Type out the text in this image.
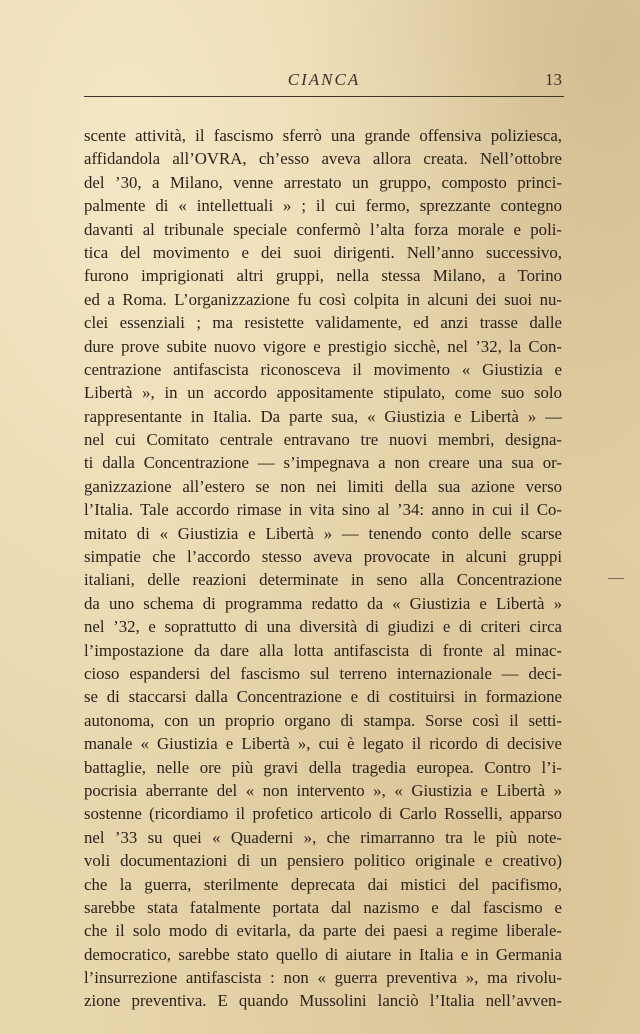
CIANCA	13
scente attività, il fascismo sferrò una grande offensiva poliziesca,
affidandola all’OVRA, ch’esso aveva allora creata. Nell’ottobre
del ’30, a Milano, venne arrestato un gruppo, composto princi-
palmente di « intellettuali » ; il cui fermo, sprezzante contegno
davanti al tribunale speciale confermò l’alta forza morale e poli-
tica del movimento e dei suoi dirigenti. Nell’anno successivo,
furono imprigionati altri gruppi, nella stessa Milano, a Torino
ed a Roma. L’organizzazione fu così colpita in alcuni dei suoi nu-
clei essenziali ; ma resistette validamente, ed anzi trasse dalle
dure prove subite nuovo vigore e prestigio sicchè, nel ’32, la Con-
centrazione antifascista riconosceva il movimento « Giustizia e
Libertà », in un accordo appositamente stipulato, come suo solo
rappresentante in Italia. Da parte sua, « Giustizia e Libertà » —
nel cui Comitato centrale entravano tre nuovi membri, designa-
ti dalla Concentrazione — s’impegnava a non creare una sua or-
ganizzazione all’estero se non nei limiti della sua azione verso
l’Italia. Tale accordo rimase in vita sino al ’34: anno in cui il Co-
mitato di « Giustizia e Libertà » — tenendo conto delle scarse
simpatie che l’accordo stesso aveva provocate in alcuni gruppi
italiani, delle reazioni determinate in seno alla Concentrazione
da uno schema di programma redatto da « Giustizia e Libertà »
nel ’32, e soprattutto di una diversità di giudizi e di criteri circa
l’impostazione da dare alla lotta antifascista di fronte al minac-
cioso espandersi del fascismo sul terreno internazionale — deci-
se di staccarsi dalla Concentrazione e di costituirsi in formazione
autonoma, con un proprio organo di stampa. Sorse così il setti-
manale « Giustizia e Libertà », cui è legato il ricordo di decisive
battaglie, nelle ore più gravi della tragedia europea. Contro l’i-
pocrisia aberrante del « non intervento », « Giustizia e Libertà »
sostenne (ricordiamo il profetico articolo di Carlo Rosselli, apparso
nel ’33 su quei « Quaderni », che rimarranno tra le più note-
voli documentazioni di un pensiero politico originale e creativo)
che la guerra, sterilmente deprecata dai mistici del pacifismo,
sarebbe stata fatalmente portata dal nazismo e dal fascismo e
che il solo modo di evitarla, da parte dei paesi a regime liberale-
democratico, sarebbe stato quello di aiutare in Italia e in Germania
l’insurrezione antifascista : non « guerra preventiva », ma rivolu-
zione preventiva. E quando Mussolini lanciò l’Italia nell’avven-
